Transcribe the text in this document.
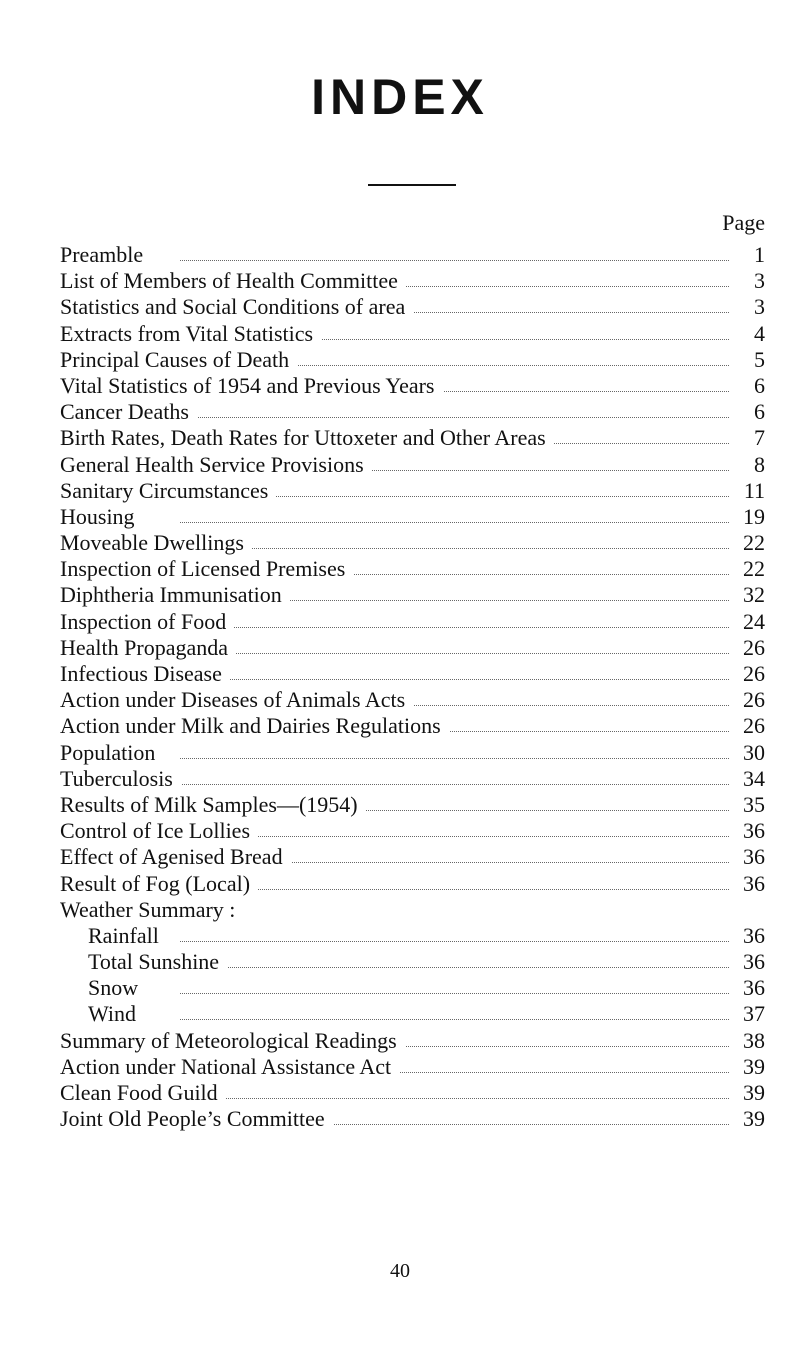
INDEX
Page
Preamble	1
List of Members of Health Committee	3
Statistics and Social Conditions of area	3
Extracts from Vital Statistics	4
Principal Causes of Death	5
Vital Statistics of 1954 and Previous Years	6
Cancer Deaths	6
Birth Rates, Death Rates for Uttoxeter and Other Areas	7
General Health Service Provisions	8
Sanitary Circumstances	11
Housing	19
Moveable Dwellings	22
Inspection of Licensed Premises	22
Diphtheria Immunisation	32
Inspection of Food	24
Health Propaganda	26
Infectious Disease	26
Action under Diseases of Animals Acts	26
Action under Milk and Dairies Regulations	26
Population	30
Tuberculosis	34
Results of Milk Samples—(1954)	35
Control of Ice Lollies	36
Effect of Agenised Bread	36
Result of Fog (Local)	36
Weather Summary :
Rainfall	36
Total Sunshine	36
Snow	36
Wind	37
Summary of Meteorological Readings	38
Action under National Assistance Act	39
Clean Food Guild	39
Joint Old People’s Committee	39
40
